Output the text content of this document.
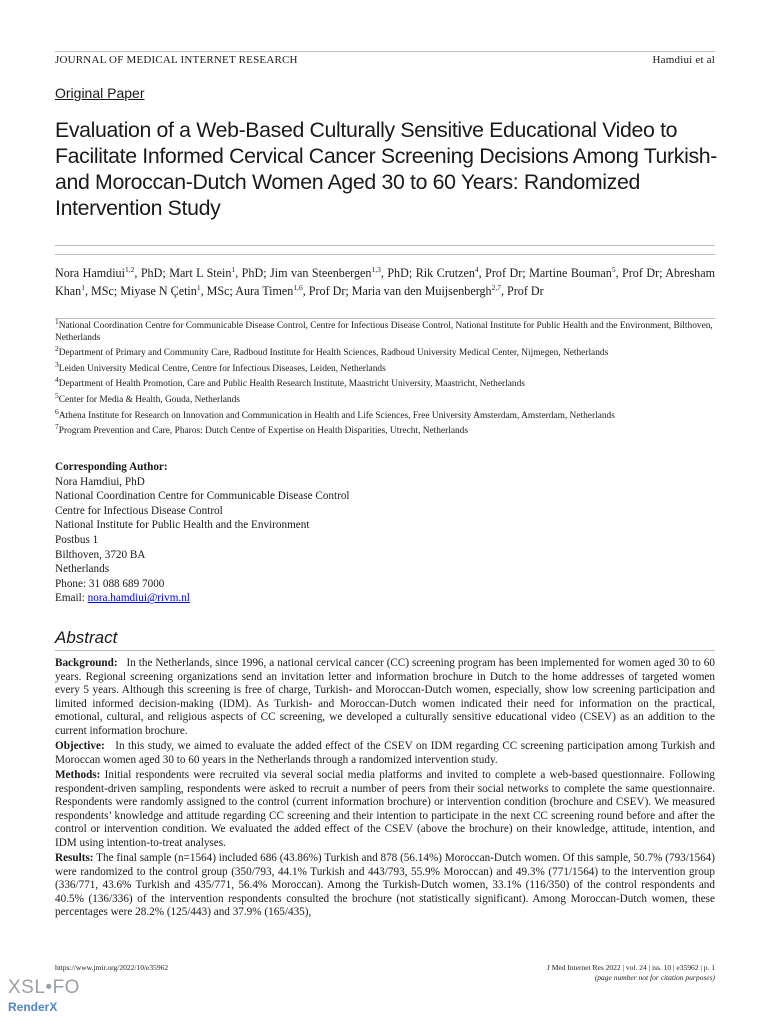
JOURNAL OF MEDICAL INTERNET RESEARCH	Hamdiui et al
Original Paper
Evaluation of a Web-Based Culturally Sensitive Educational Video to Facilitate Informed Cervical Cancer Screening Decisions Among Turkish- and Moroccan-Dutch Women Aged 30 to 60 Years: Randomized Intervention Study
Nora Hamdiui$^{1,2}$, PhD; Mart L Stein$^1$, PhD; Jim van Steenbergen$^{1,3}$, PhD; Rik Crutzen$^4$, Prof Dr; Martine Bouman$^5$, Prof Dr; Abresham Khan$^1$, MSc; Miyase N Çetin$^1$, MSc; Aura Timen$^{1,6}$, Prof Dr; Maria van den Muijsenbergh$^{2,7}$, Prof Dr

$^1$National Coordination Centre for Communicable Disease Control, Centre for Infectious Disease Control, National Institute for Public Health and the Environment, Bilthoven, Netherlands

$^2$Department of Primary and Community Care, Radboud Institute for Health Sciences, Radboud University Medical Center, Nijmegen, Netherlands

$^3$Leiden University Medical Centre, Centre for Infectious Diseases, Leiden, Netherlands

$^4$Department of Health Promotion, Care and Public Health Research Institute, Maastricht University, Maastricht, Netherlands

$^5$Center for Media & Health, Gouda, Netherlands

$^6$Athena Institute for Research on Innovation and Communication in Health and Life Sciences, Free University Amsterdam, Amsterdam, Netherlands

$^7$Program Prevention and Care, Pharos: Dutch Centre of Expertise on Health Disparities, Utrecht, Netherlands

Corresponding Author:
Nora Hamdiui, PhD
National Coordination Centre for Communicable Disease Control
Centre for Infectious Disease Control
National Institute for Public Health and the Environment
Postbus 1
Bilthoven, 3720 BA
Netherlands
Phone: 31 088 689 7000
Email: nora.hamdiui@rivm.nl
Abstract

Background: In the Netherlands, since 1996, a national cervical cancer (CC) screening program has been implemented for women aged 30 to 60 years. Regional screening organizations send an invitation letter and information brochure in Dutch to the home addresses of targeted women every 5 years. Although this screening is free of charge, Turkish- and Moroccan-Dutch women, especially, show low screening participation and limited informed decision-making (IDM). As Turkish- and Moroccan-Dutch women indicated their need for information on the practical, emotional, cultural, and religious aspects of CC screening, we developed a culturally sensitive educational video (CSEV) as an addition to the current information brochure.

Objective: In this study, we aimed to evaluate the added effect of the CSEV on IDM regarding CC screening participation among Turkish and Moroccan women aged 30 to 60 years in the Netherlands through a randomized intervention study.

Methods: Initial respondents were recruited via several social media platforms and invited to complete a web-based questionnaire. Following respondent-driven sampling, respondents were asked to recruit a number of peers from their social networks to complete the same questionnaire. Respondents were randomly assigned to the control (current information brochure) or intervention condition (brochure and CSEV). We measured respondents’ knowledge and attitude regarding CC screening and their intention to participate in the next CC screening round before and after the control or intervention condition. We evaluated the added effect of the CSEV (above the brochure) on their knowledge, attitude, intention, and IDM using intention-to-treat analyses.

Results: The final sample (n=1564) included 686 (43.86%) Turkish and 878 (56.14%) Moroccan-Dutch women. Of this sample, 50.7% (793/1564) were randomized to the control group (350/793, 44.1% Turkish and 443/793, 55.9% Moroccan) and 49.3% (771/1564) to the intervention group (336/771, 43.6% Turkish and 435/771, 56.4% Moroccan). Among the Turkish-Dutch women, 33.1% (116/350) of the control respondents and 40.5% (136/336) of the intervention respondents consulted the brochure (not statistically significant). Among Moroccan-Dutch women, these percentages were 28.2% (125/443) and 37.9% (165/435),

https://www.jmir.org/2022/10/e35962	J Med Internet Res 2022 | vol. 24 | iss. 10 | e35962 | p. 1
(page number not for citation purposes)
XSL•FO
RenderX
